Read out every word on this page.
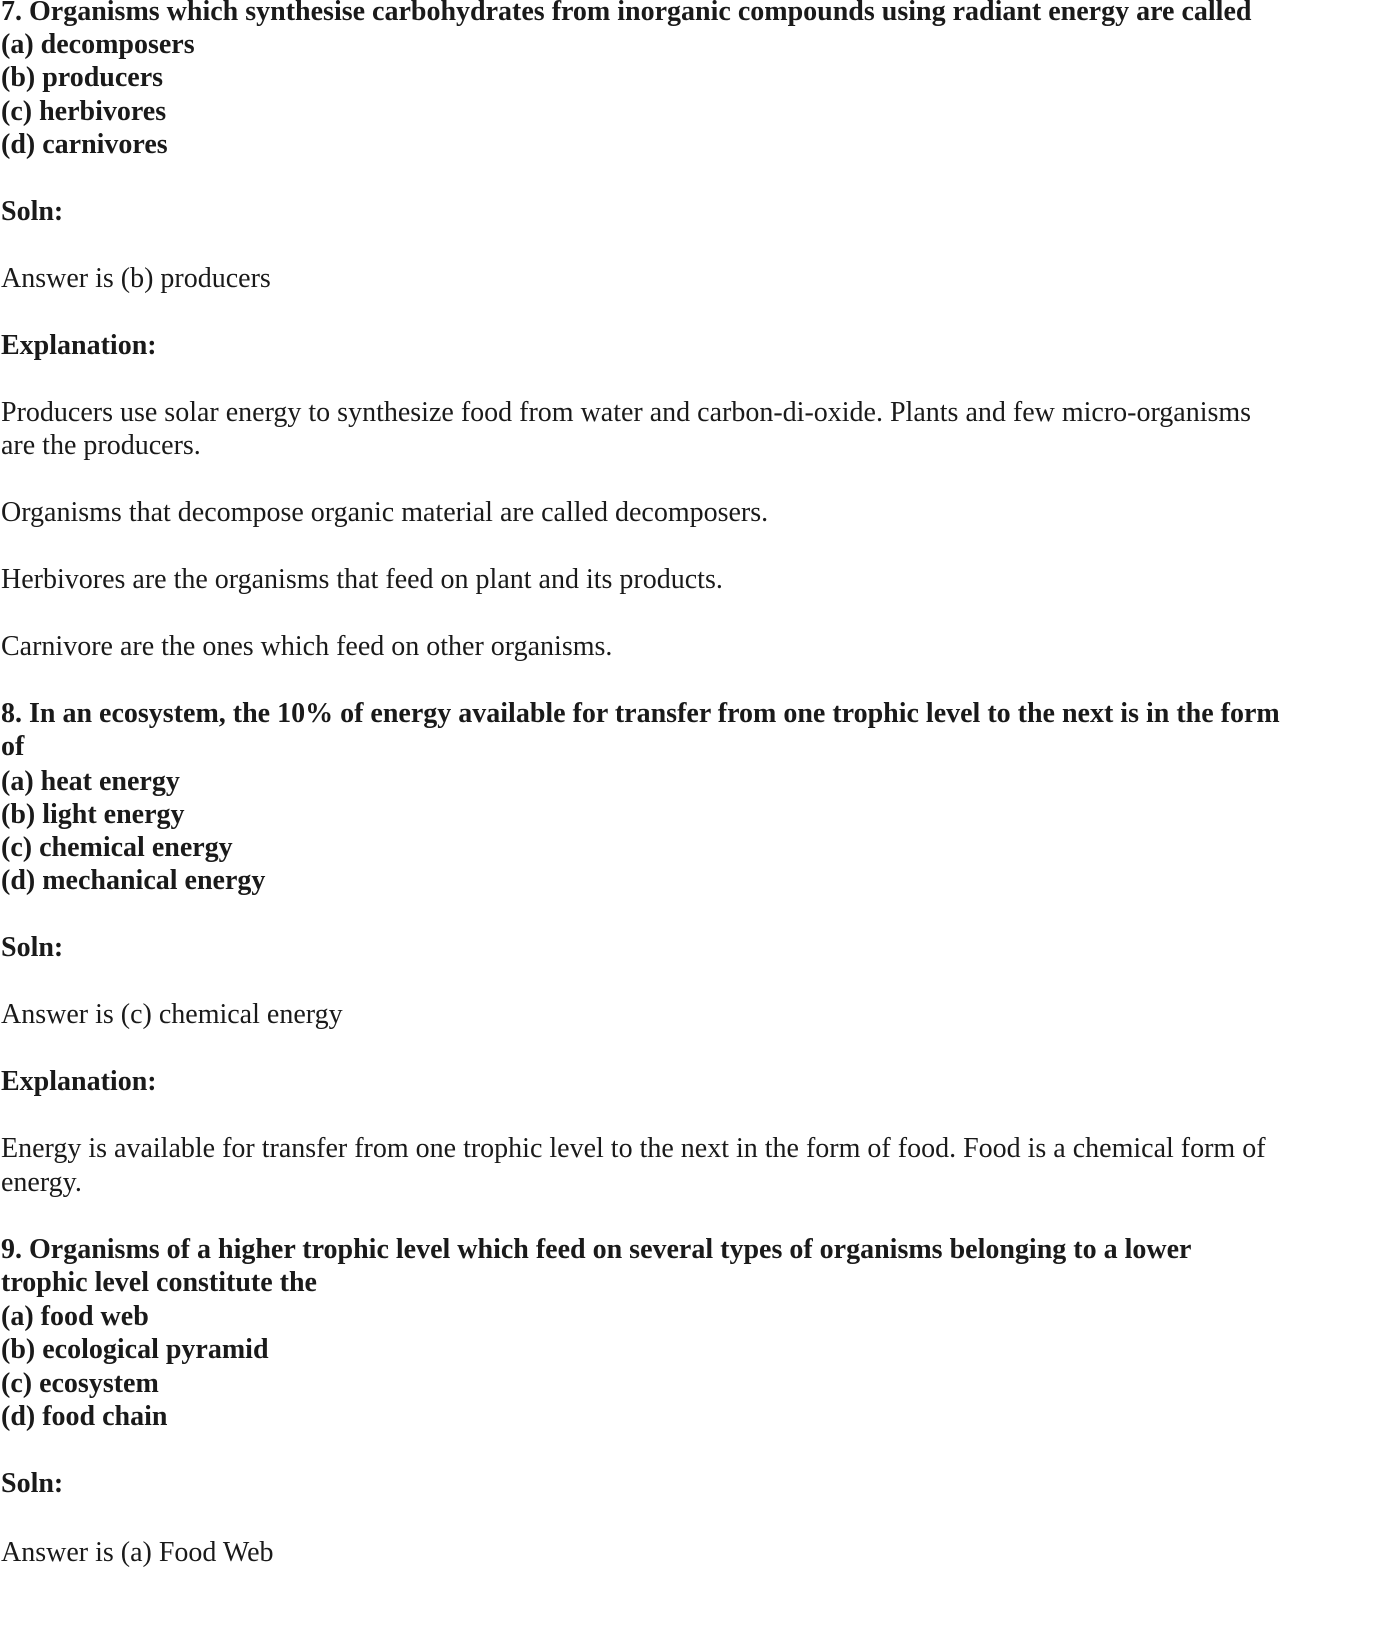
7. Organisms which synthesise carbohydrates from inorganic compounds using radiant energy are called

(a) decomposers

(b) producers

(c) herbivores

(d) carnivores

Soln:

Answer is (b) producers

Explanation:

Producers use solar energy to synthesize food from water and carbon-di-oxide. Plants and few micro-organisms

are the producers.

Organisms that decompose organic material are called decomposers.

Herbivores are the organisms that feed on plant and its products.

Carnivore are the ones which feed on other organisms.

8. In an ecosystem, the 10% of energy available for transfer from one trophic level to the next is in the form

of

(a) heat energy

(b) light energy

(c) chemical energy

(d) mechanical energy

Soln:

Answer is (c) chemical energy

Explanation:

Energy is available for transfer from one trophic level to the next in the form of food. Food is a chemical form of

energy.

9. Organisms of a higher trophic level which feed on several types of organisms belonging to a lower

trophic level constitute the

(a) food web

(b) ecological pyramid

(c) ecosystem

(d) food chain

Soln:

Answer is (a) Food Web
